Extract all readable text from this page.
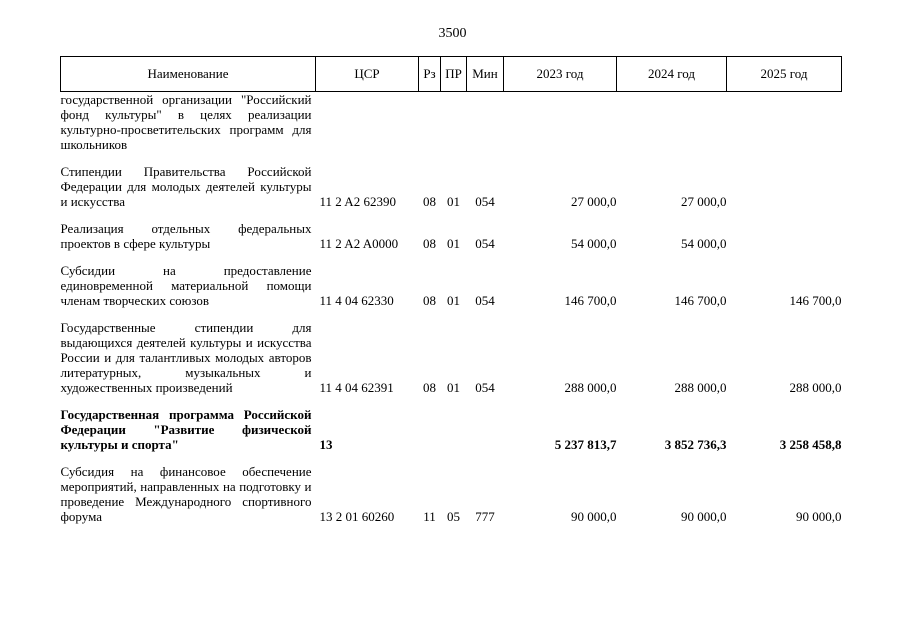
3500
Наименование	ЦСР	Рз	ПР	Мин	2023 год	2024 год	2025 год
государственной организации "Российский фонд культуры" в целях реализации культурно-просветительских программ для школьников							

Стипендии Правительства Российской Федерации для молодых деятелей культуры и искусства	11 2 A2 62390	08	01	054	27 000,0	27 000,0	

Реализация отдельных федеральных проектов в сфере культуры	11 2 A2 A0000	08	01	054	54 000,0	54 000,0	

Субсидии на предоставление единовременной материальной помощи членам творческих союзов	11 4 04 62330	08	01	054	146 700,0	146 700,0	146 700,0

Государственные стипендии для выдающихся деятелей культуры и искусства России и для талантливых молодых авторов литературных, музыкальных и художественных произведений	11 4 04 62391	08	01	054	288 000,0	288 000,0	288 000,0

Государственная программа Российской Федерации "Развитие физической культуры и спорта"	13				5 237 813,7	3 852 736,3	3 258 458,8

Субсидия на финансовое обеспечение мероприятий, направленных на подготовку и проведение Международного спортивного форума	13 2 01 60260	11	05	777	90 000,0	90 000,0	90 000,0
